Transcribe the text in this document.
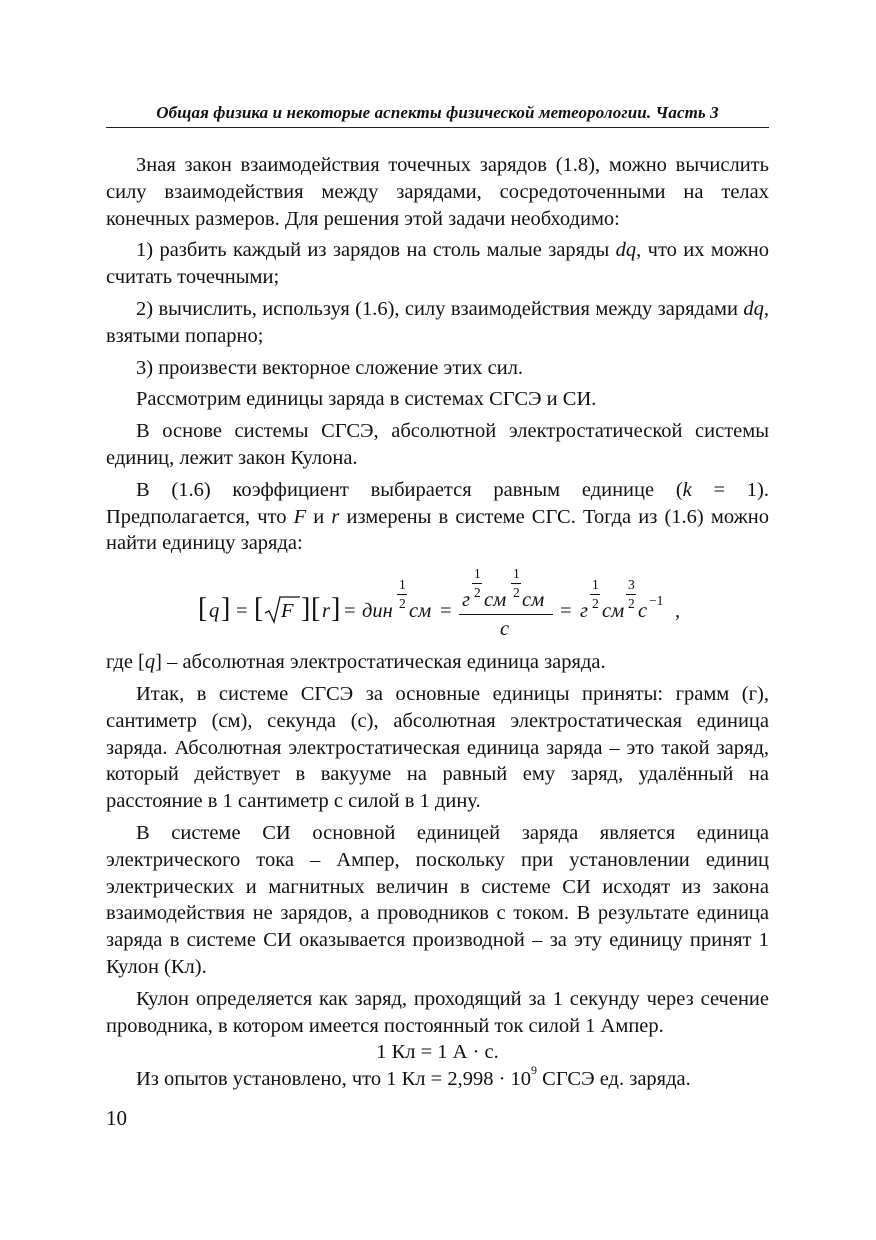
Общая физика и некоторые аспекты физической метеорологии. Часть 3

Зная закон взаимодействия точечных зарядов (1.8), можно вычислить силу взаимодействия между зарядами, сосредоточенными на телах конечных размеров. Для решения этой задачи необходимо:

1) разбить каждый из зарядов на столь малые заряды dq, что их можно считать точечными;

2) вычислить, используя (1.6), силу взаимодействия между зарядами dq, взятыми попарно;

3) произвести векторное сложение этих сил.

Рассмотрим единицы заряда в системах СГСЭ и СИ.

В основе системы СГСЭ, абсолютной электростатической системы единиц, лежит закон Кулона.

В (1.6) коэффициент выбирается равным единице (k = 1). Предполагается, что F и r измерены в системе СГС. Тогда из (1.6) можно найти единицу заряда:

[ q ] = [ F ] [ r ] = дин
1
2 см = г
1
2 см
1
2 см
с
= г
1
2 см
3
2 с −1 ,

где [q] – абсолютная электростатическая единица заряда.

Итак, в системе СГСЭ за основные единицы приняты: грамм (г), сантиметр (см), секунда (с), абсолютная электростатическая единица заряда. Абсолютная электростатическая единица заряда – это такой заряд, который действует в вакууме на равный ему заряд, удалённый на расстояние в 1 сантиметр с силой в 1 дину.

В системе СИ основной единицей заряда является единица электрического тока – Ампер, поскольку при установлении единиц электрических и магнитных величин в системе СИ исходят из закона взаимодействия не зарядов, а проводников с током. В результате единица заряда в системе СИ оказывается производной – за эту единицу принят 1 Кулон (Кл).

Кулон определяется как заряд, проходящий за 1 секунду через сечение проводника, в котором имеется постоянный ток силой 1 Ампер.

1 Кл = 1 А · с.

Из опытов установлено, что 1 Кл = $2,998 \cdot 10^9$ СГСЭ ед. заряда.

10
